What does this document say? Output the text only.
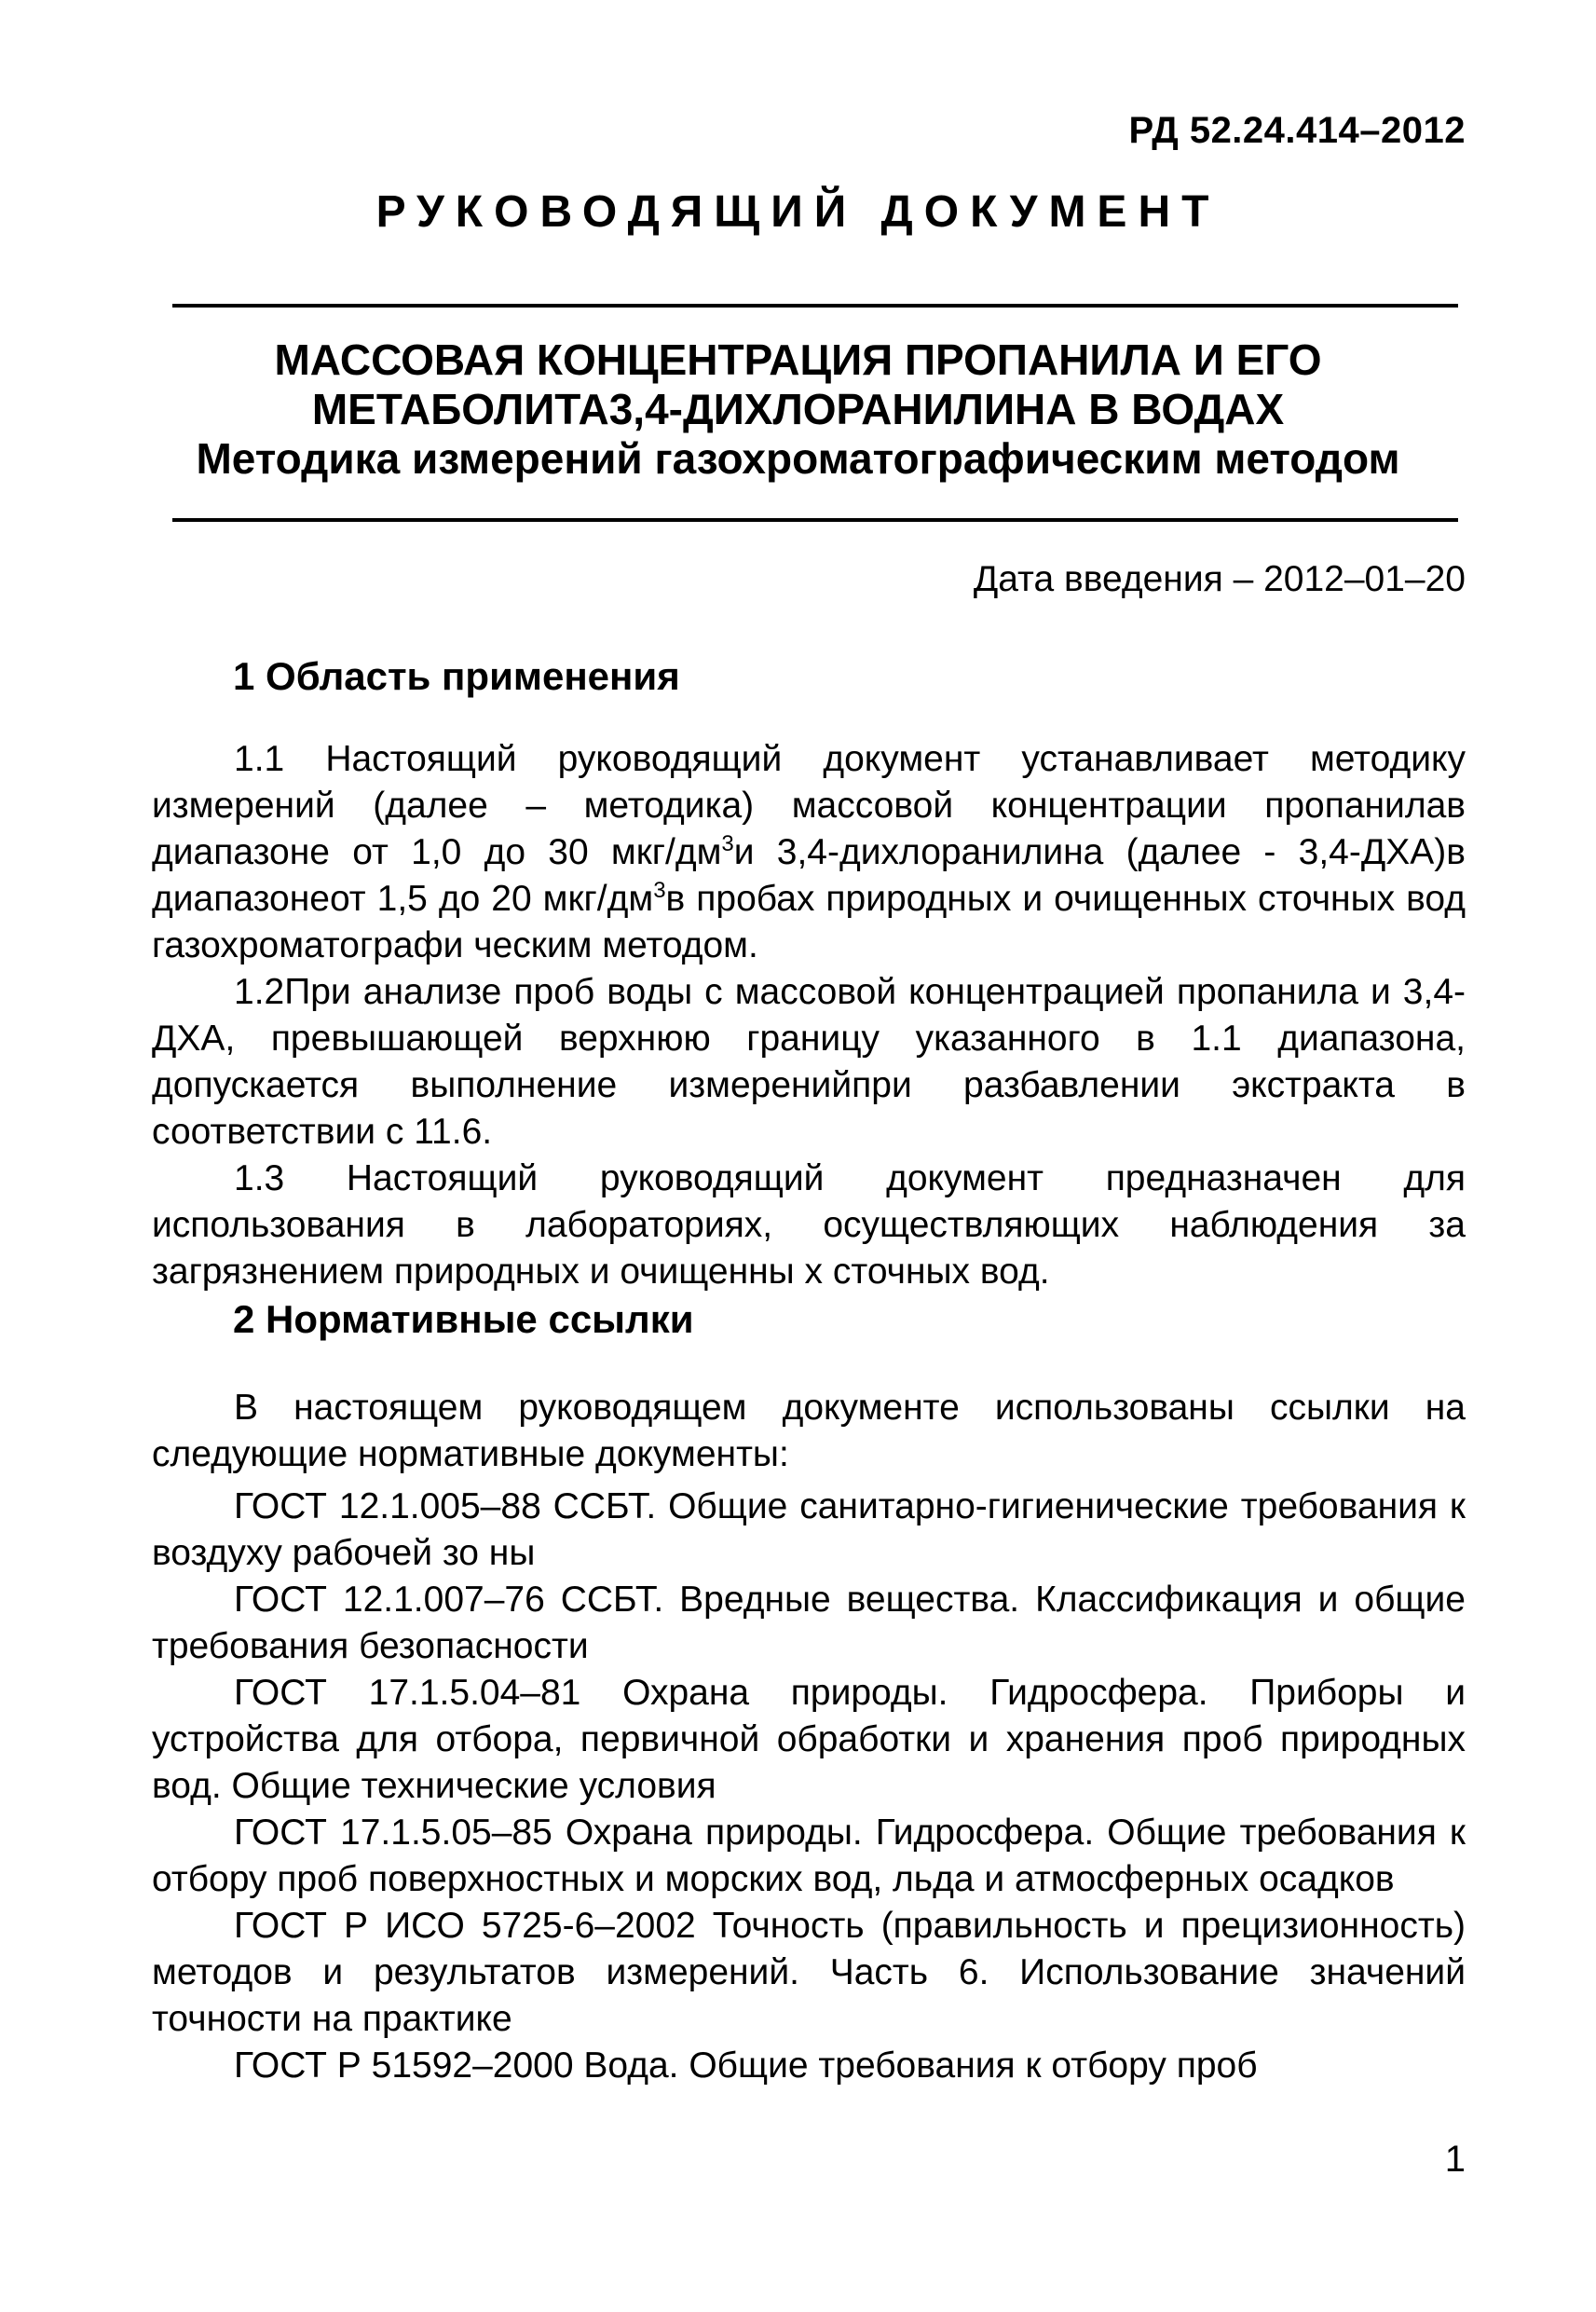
РД 52.24.414–2012
РУКОВОДЯЩИЙ ДОКУМЕНТ
МАССОВАЯ КОНЦЕНТРАЦИЯ ПРОПАНИЛА И ЕГО
МЕТАБОЛИТА3,4-ДИХЛОРАНИЛИНА В ВОДАХ
Методика измерений газохроматографическим методом
Дата введения – 2012–01–20
1 Область применения

1.1 Настоящий руководящий документ устанавливает методику измерений (далее – методика) массовой концентрации пропанилав диапазоне от 1,0 до 30 мкг/$дм^3и$ 3,4-дихлоранилина (далее - 3,4-ДХА)в диапазонеот 1,5 до 20 мкг/$дм^3в$ пробах природных и очищенных сточных вод газохроматографи ческим методом.

1.2При анализе проб воды с массовой концентрацией пропанила и 3,4-ДХА, превышающей верхнюю границу указанного в 1.1 диапазона, допускается выполнение измеренийпри разбавлении экстракта в соответствии с 11.6.

1.3 Настоящий руководящий документ предназначен для использования в лабораториях, осуществляющих наблюдения за загрязнением природных и очищенны х сточных вод.

2 Нормативные ссылки

В настоящем руководящем документе использованы ссылки на следующие нормативные документы:

ГОСТ 12.1.005–88 ССБТ. Общие санитарно-гигиенические требования к воздуху рабочей зо ны

ГОСТ 12.1.007–76 ССБТ. Вредные вещества. Классификация и общие требования безопасности

ГОСТ 17.1.5.04–81 Охрана природы. Гидросфера. Приборы и устройства для отбора, первичной обработки и хранения проб природных вод. Общие технические условия

ГОСТ 17.1.5.05–85 Охрана природы. Гидросфера. Общие требования к отбору проб поверхностных и морских вод, льда и атмосферных осадков

ГОСТ Р ИСО 5725-6–2002 Точность (правильность и прецизионность) методов и результатов измерений. Часть 6. Использование значений точности на практике

ГОСТ Р 51592–2000 Вода. Общие требования к отбору проб

1
